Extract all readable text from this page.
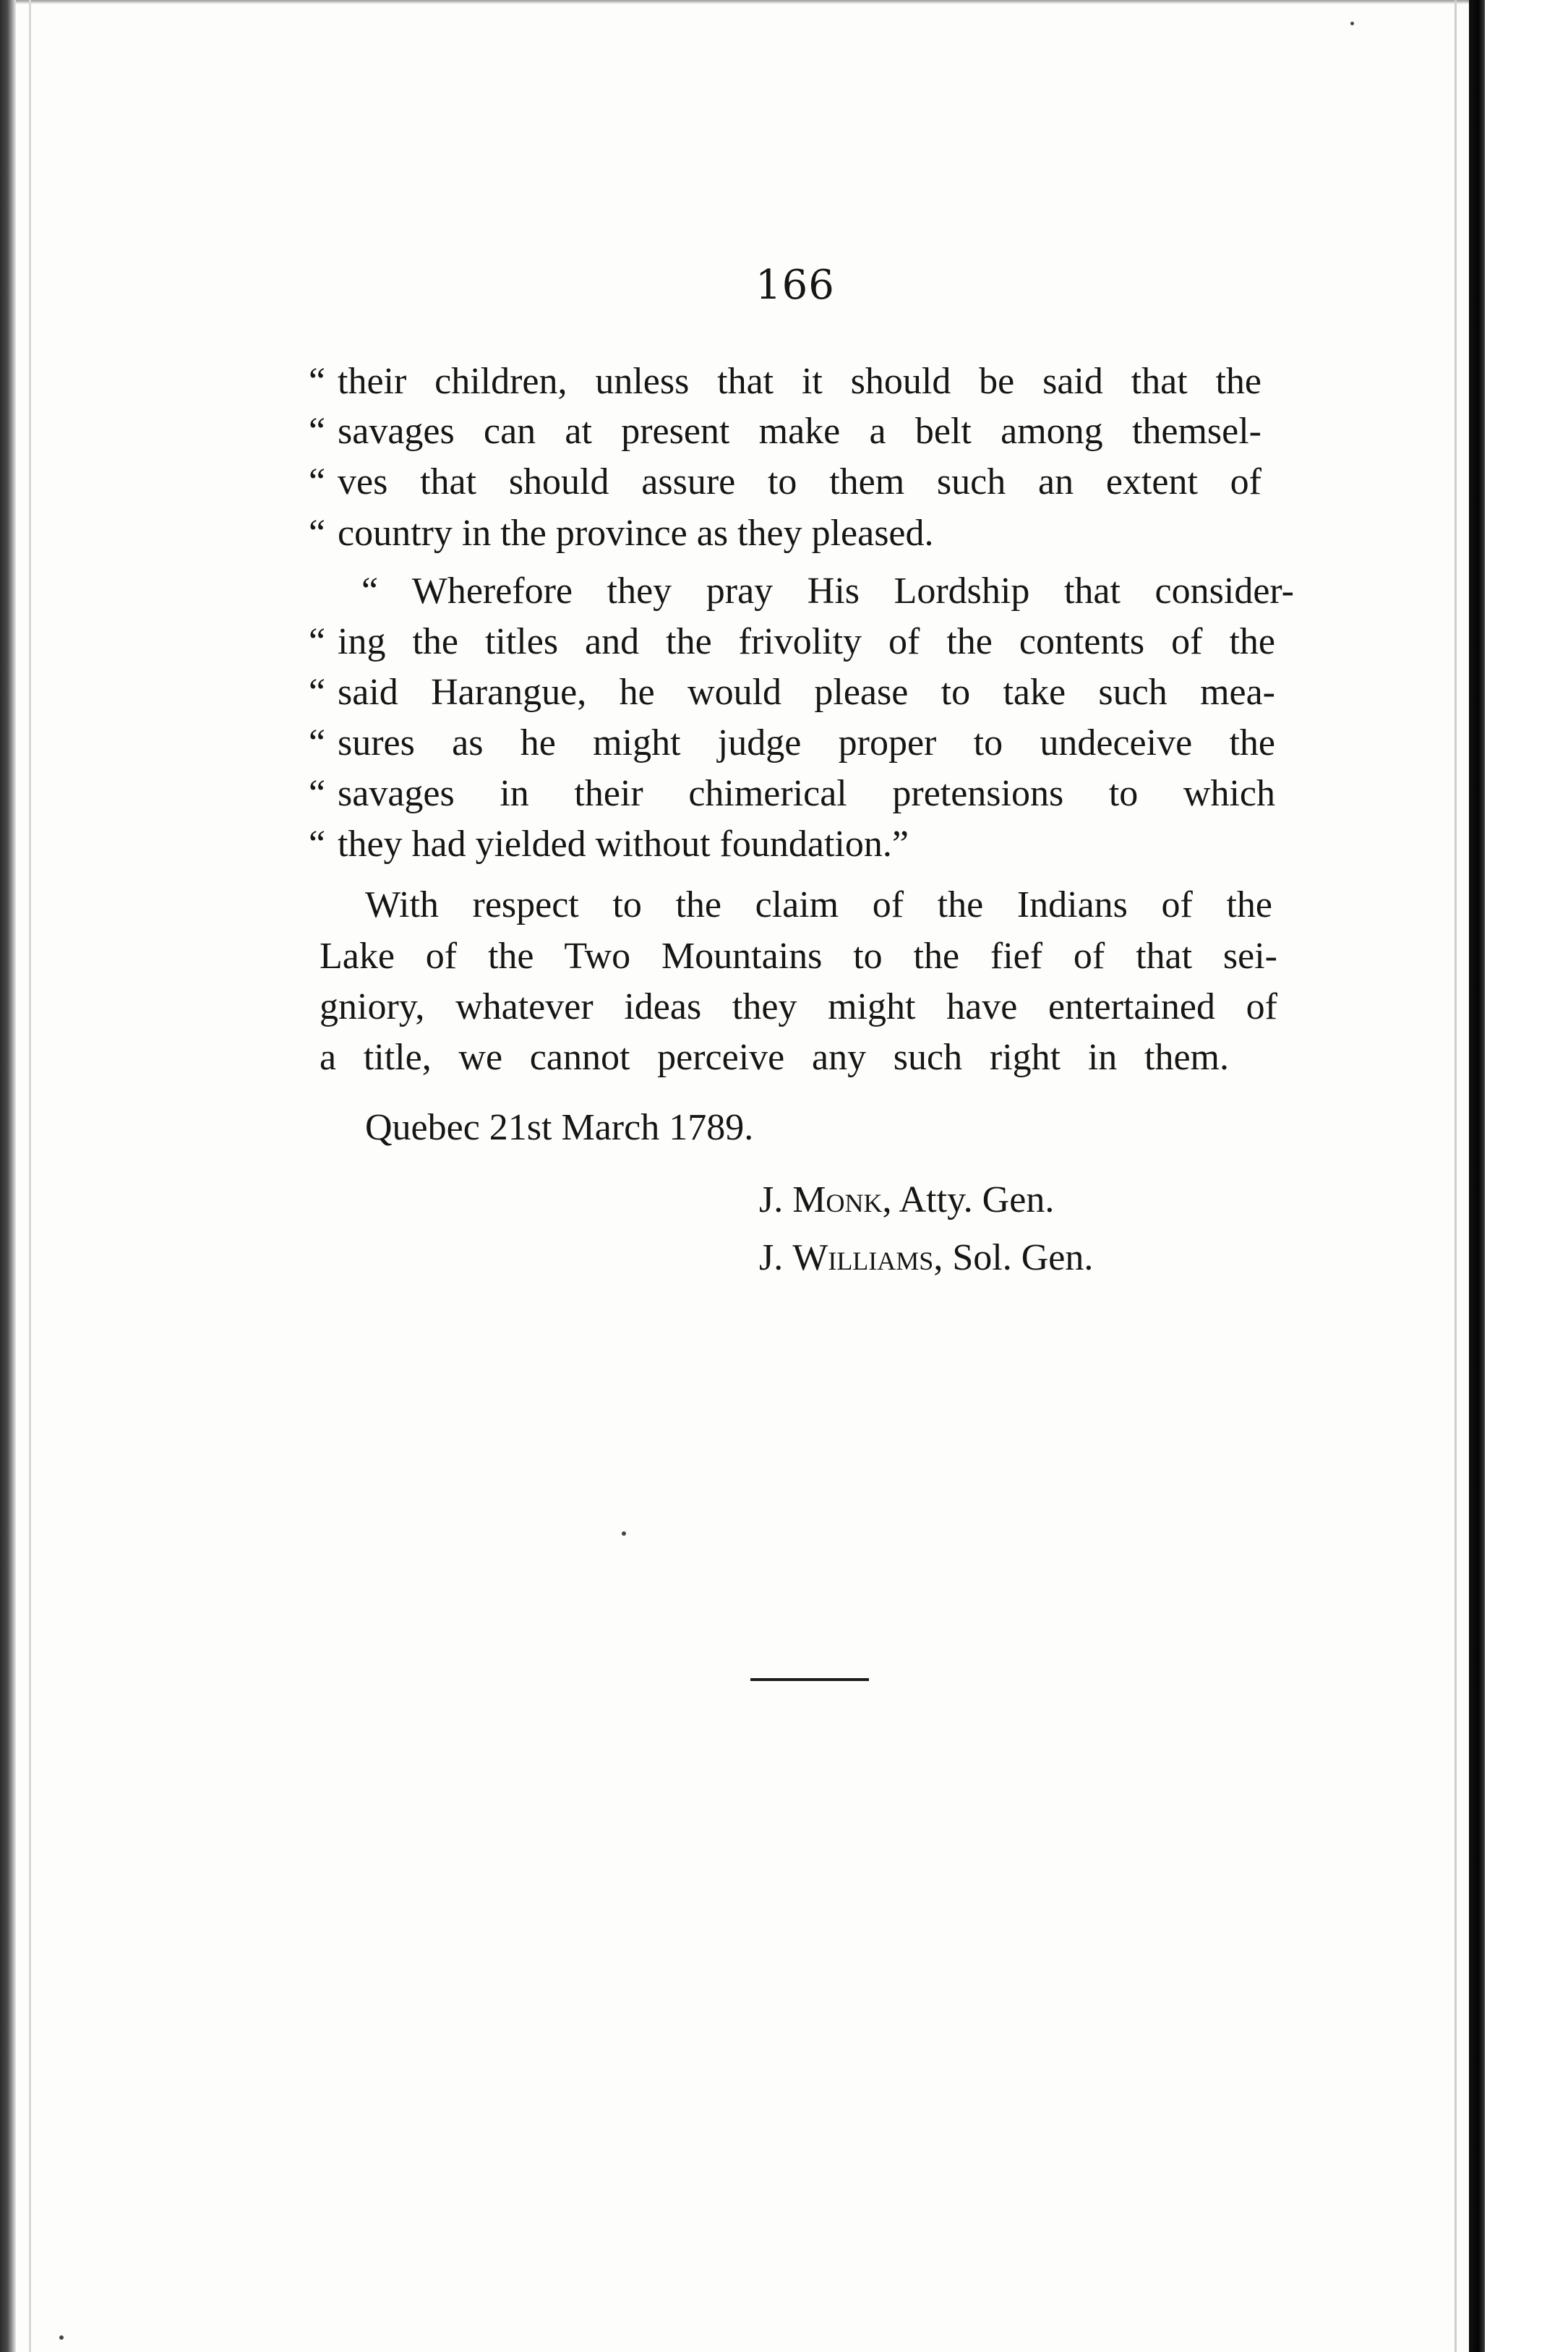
166
“ their children, unless that it should be said that the
“ savages can at present make a belt among themsel-
“ ves that should assure to them such an extent of
“ country in the province as they pleased.
“ Wherefore they pray His Lordship that consider-
“ ing the titles and the frivolity of the contents of the
“ said Harangue, he would please to take such mea-
“ sures as he might judge proper to undeceive the
“ savages in their chimerical pretensions to which
“ they had yielded without foundation.”
With respect to the claim of the Indians of the
Lake of the Two Mountains to the fief of that sei-
gniory, whatever ideas they might have entertained of
a title, we cannot perceive any such right in them.
Quebec 21st March 1789.
J. Monk, Atty. Gen.
J. Williams, Sol. Gen.
